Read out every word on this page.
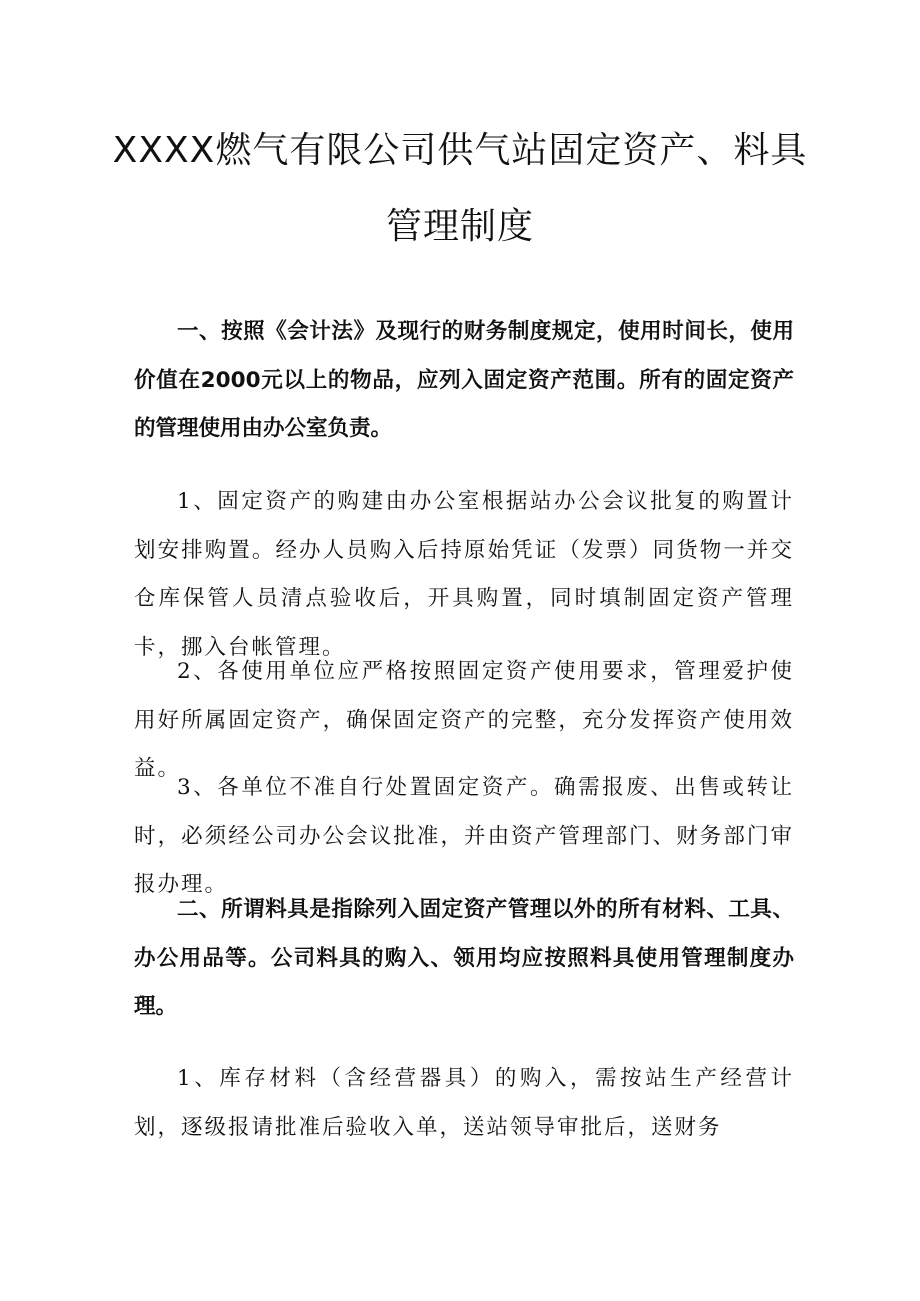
XXXX燃气有限公司供气站固定资产、料具
管理制度

一、按照《会计法》及现行的财务制度规定，使用时间长，使用价值在2000元以上的物品，应列入固定资产范围。所有的固定资产的管理使用由办公室负责。

1、固定资产的购建由办公室根据站办公会议批复的购置计划安排购置。经办人员购入后持原始凭证（发票）同货物一并交仓库保管人员清点验收后，开具购置，同时填制固定资产管理卡，挪入台帐管理。

2、各使用单位应严格按照固定资产使用要求，管理爱护使用好所属固定资产，确保固定资产的完整，充分发挥资产使用效益。

3、各单位不准自行处置固定资产。确需报废、出售或转让时，必须经公司办公会议批准，并由资产管理部门、财务部门审报办理。

二、所谓料具是指除列入固定资产管理以外的所有材料、工具、办公用品等。公司料具的购入、领用均应按照料具使用管理制度办理。

1、库存材料（含经营器具）的购入，需按站生产经营计划，逐级报请批准后验收入单，送站领导审批后，送财务
